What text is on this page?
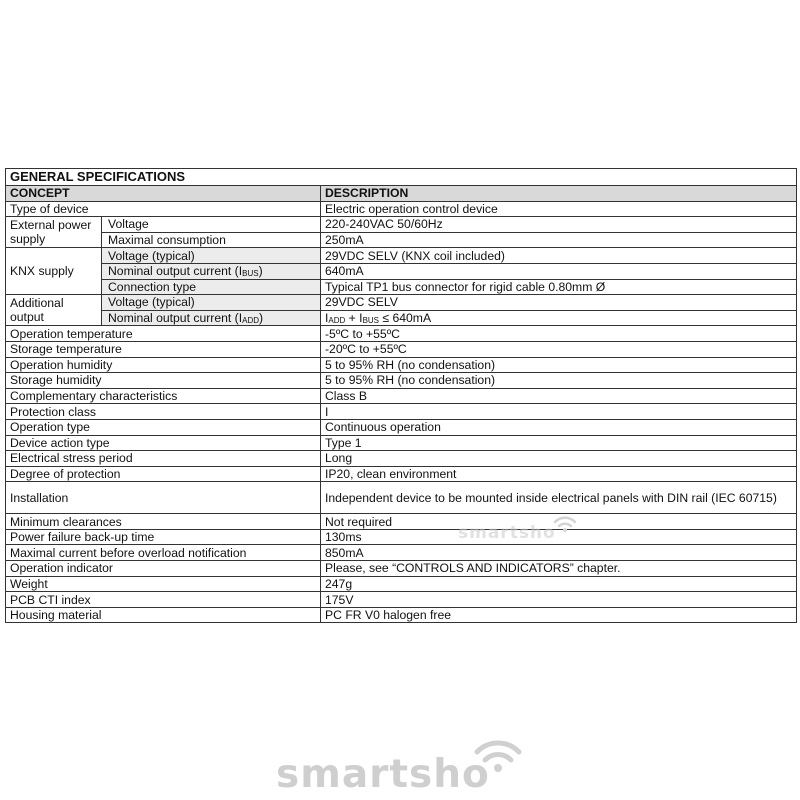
GENERAL SPECIFICATIONS		
CONCEPT		DESCRIPTION
Type of device		Electric operation control device
External power supply	Voltage	220-240VAC 50/60Hz
	Maximal consumption	250mA
KNX supply	Voltage (typical)	29VDC SELV (KNX coil included)
	Nominal output current $(I_{BUS})$	640mA
	Connection type	Typical TP1 bus connector for rigid cable 0.80mm Ø
Additional output	Voltage (typical)	29VDC SELV
	Nominal output current $(I_{ADD})$	$I_{ADD} + I_{BUS} \le 640mA$
Operation temperature		-5ºC to +55ºC
Storage temperature		-20ºC to +55ºC
Operation humidity		5 to 95% RH (no condensation)
Storage humidity		5 to 95% RH (no condensation)
Complementary characteristics		Class B
Protection class		I
Operation type		Continuous operation
Device action type		Type 1
Electrical stress period		Long
Degree of protection		IP20, clean environment
Installation		Independent device to be mounted inside electrical panels with DIN rail (IEC 60715)
Minimum clearances		Not required
Power failure back-up time		130ms
Maximal current before overload notification		850mA
Operation indicator		Please, see “CONTROLS AND INDICATORS” chapter.
Weight		247g
PCB CTI index		175V
Housing material		PC FR V0 halogen free
smartsho
smartsho
